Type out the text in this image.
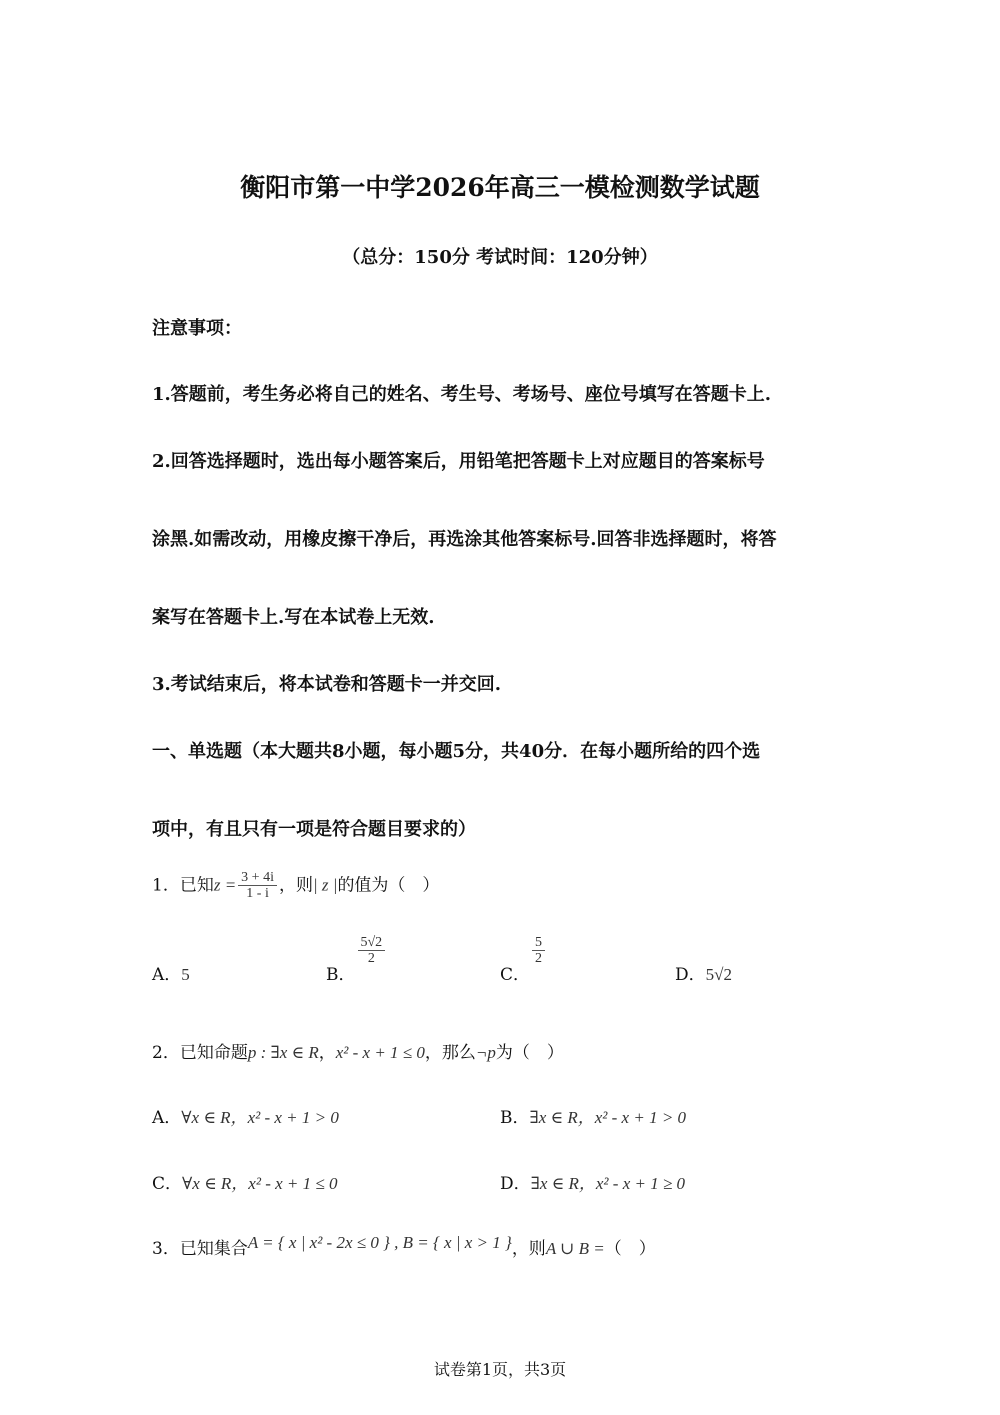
衡阳市第一中学2026年高三一模检测数学试题
（总分：150分 考试时间：120分钟）
注意事项：
1.答题前，考生务必将自己的姓名、考生号、考场号、座位号填写在答题卡上.
2.回答选择题时，选出每小题答案后，用铅笔把答题卡上对应题目的答案标号
涂黑.如需改动，用橡皮擦干净后，再选涂其他答案标号.回答非选择题时，将答
案写在答题卡上.写在本试卷上无效.
3.考试结束后，将本试卷和答题卡一并交回.
一、单选题（本大题共8小题，每小题5分，共40分．在每小题所给的四个选
项中，有且只有一项是符合题目要求的）
1．已知$z = \frac{3 + 4i}{1 - i}$ ，则| z |的值为（　）
A．5	B．
$\frac{5√2}{2}$
C．
$\frac{5}{2}$
D．5√2
2．已知命题p : ∃x ∈ R，x² - x + 1 ≤ 0，那么¬p为（　）
A．∀x ∈ R，x² - x + 1 > 0	B．∃x ∈ R，x² - x + 1 > 0
C．∀x ∈ R，x² - x + 1 ≤ 0	D．∃x ∈ R，x² - x + 1 ≥ 0
3．已知集合A = { x | x² - 2x ≤ 0 } , B = { x | x > 1 }，则A ∪ B =（　）
试卷第1页，共3页
